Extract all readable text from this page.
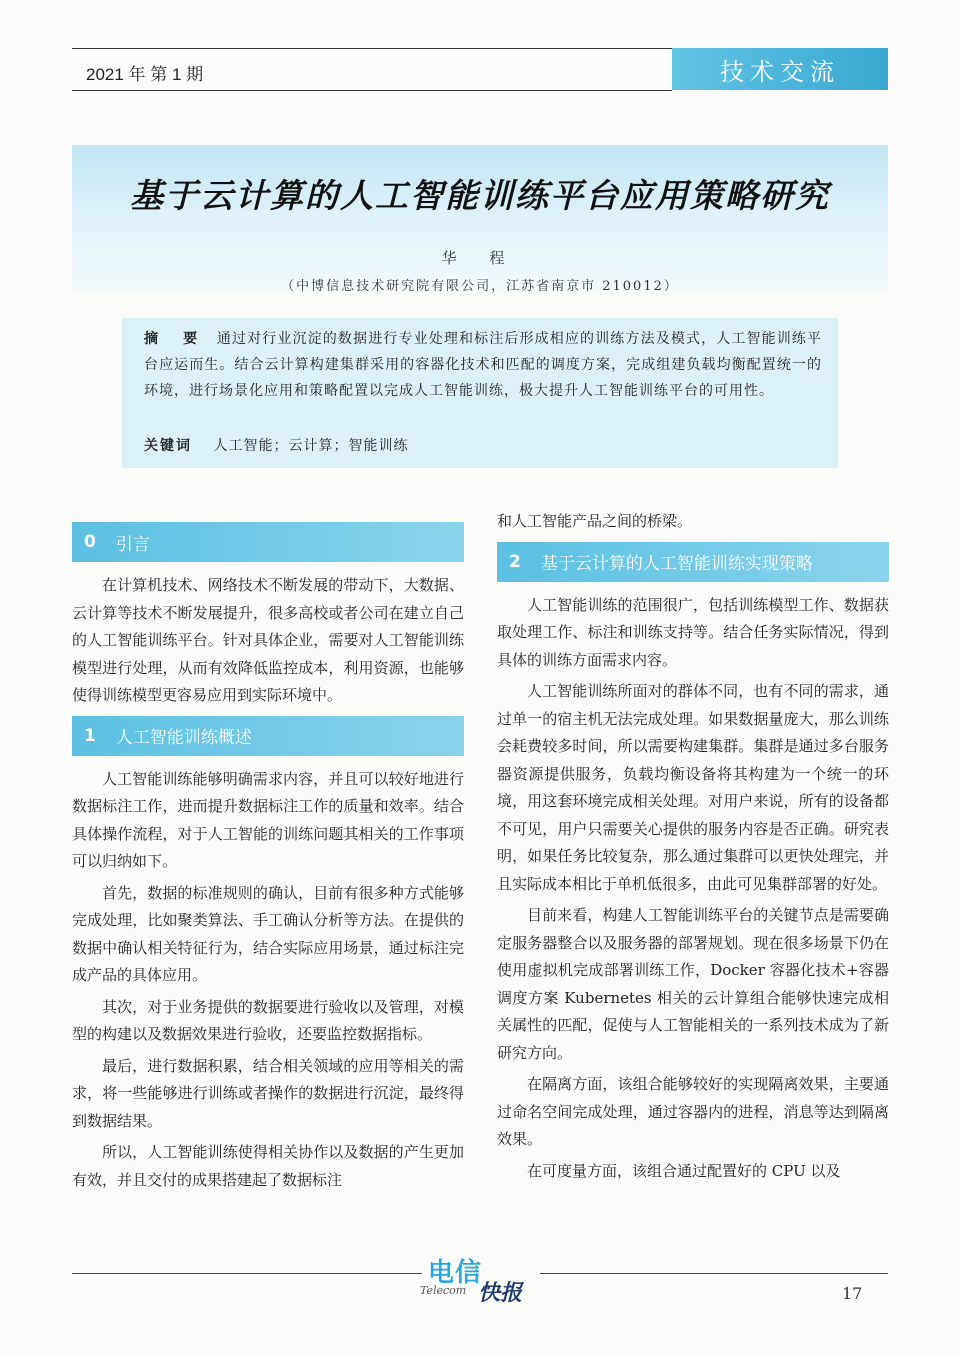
2021 年 第 1 期	技术交流
基于云计算的人工智能训练平台应用策略研究
华 程
（中博信息技术研究院有限公司，江苏省南京市 210012）
摘 要 通过对行业沉淀的数据进行专业处理和标注后形成相应的训练方法及模式，人工智能训练平台应运而生。结合云计算构建集群采用的容器化技术和匹配的调度方案，完成组建负载均衡配置统一的环境，进行场景化应用和策略配置以完成人工智能训练，极大提升人工智能训练平台的可用性。
关键词 人工智能；云计算；智能训练
0 引言

在计算机技术、网络技术不断发展的带动下，大数据、云计算等技术不断发展提升，很多高校或者公司在建立自己的人工智能训练平台。针对具体企业，需要对人工智能训练模型进行处理，从而有效降低监控成本，利用资源，也能够使得训练模型更容易应用到实际环境中。

1 人工智能训练概述

人工智能训练能够明确需求内容，并且可以较好地进行数据标注工作，进而提升数据标注工作的质量和效率。结合具体操作流程，对于人工智能的训练问题其相关的工作事项可以归纳如下。

首先，数据的标准规则的确认，目前有很多种方式能够完成处理，比如聚类算法、手工确认分析等方法。在提供的数据中确认相关特征行为，结合实际应用场景，通过标注完成产品的具体应用。

其次，对于业务提供的数据要进行验收以及管理，对模型的构建以及数据效果进行验收，还要监控数据指标。

最后，进行数据积累，结合相关领域的应用等相关的需求，将一些能够进行训练或者操作的数据进行沉淀，最终得到数据结果。

所以，人工智能训练使得相关协作以及数据的产生更加有效，并且交付的成果搭建起了数据标注

和人工智能产品之间的桥梁。

2 基于云计算的人工智能训练实现策略

人工智能训练的范围很广，包括训练模型工作、数据获取处理工作、标注和训练支持等。结合任务实际情况，得到具体的训练方面需求内容。

人工智能训练所面对的群体不同，也有不同的需求，通过单一的宿主机无法完成处理。如果数据量庞大，那么训练会耗费较多时间，所以需要构建集群。集群是通过多台服务器资源提供服务，负载均衡设备将其构建为一个统一的环境，用这套环境完成相关处理。对用户来说，所有的设备都不可见，用户只需要关心提供的服务内容是否正确。研究表明，如果任务比较复杂，那么通过集群可以更快处理完，并且实际成本相比于单机低很多，由此可见集群部署的好处。

目前来看，构建人工智能训练平台的关键节点是需要确定服务器整合以及服务器的部署规划。现在很多场景下仍在使用虚拟机完成部署训练工作，Docker 容器化技术+容器调度方案 Kubernetes 相关的云计算组合能够快速完成相关属性的匹配，促使与人工智能相关的一系列技术成为了新研究方向。

在隔离方面，该组合能够较好的实现隔离效果，主要通过命名空间完成处理，通过容器内的进程，消息等达到隔离效果。

在可度量方面，该组合通过配置好的 CPU 以及

电信
Telecom 快报	17
